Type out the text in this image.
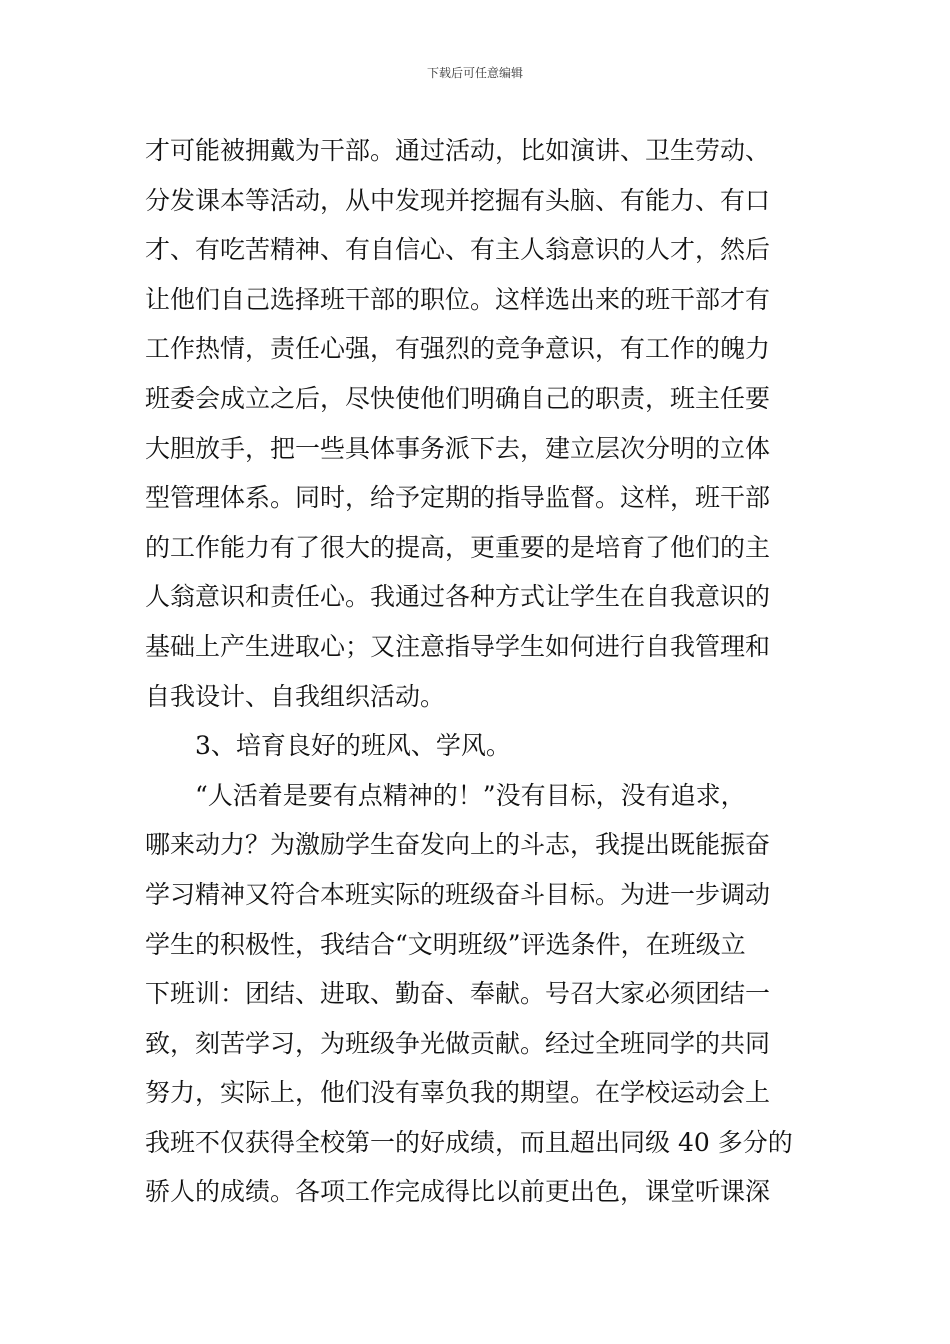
下载后可任意编辑
才可能被拥戴为干部。通过活动，比如演讲、卫生劳动、
分发课本等活动，从中发现并挖掘有头脑、有能力、有口
才、有吃苦精神、有自信心、有主人翁意识的人才，然后
让他们自己选择班干部的职位。这样选出来的班干部才有
工作热情，责任心强，有强烈的竞争意识，有工作的魄力
班委会成立之后，尽快使他们明确自己的职责，班主任要
大胆放手，把一些具体事务派下去，建立层次分明的立体
型管理体系。同时，给予定期的指导监督。这样，班干部
的工作能力有了很大的提高，更重要的是培育了他们的主
人翁意识和责任心。我通过各种方式让学生在自我意识的
基础上产生进取心；又注意指导学生如何进行自我管理和
自我设计、自我组织活动。
3、培育良好的班风、学风。
“人活着是要有点精神的！”没有目标，没有追求，
哪来动力？为激励学生奋发向上的斗志，我提出既能振奋
学习精神又符合本班实际的班级奋斗目标。为进一步调动
学生的积极性，我结合“文明班级”评选条件，在班级立
下班训：团结、进取、勤奋、奉献。号召大家必须团结一
致，刻苦学习，为班级争光做贡献。经过全班同学的共同
努力，实际上，他们没有辜负我的期望。在学校运动会上
我班不仅获得全校第一的好成绩，而且超出同级 40 多分的
骄人的成绩。各项工作完成得比以前更出色，课堂听课深
